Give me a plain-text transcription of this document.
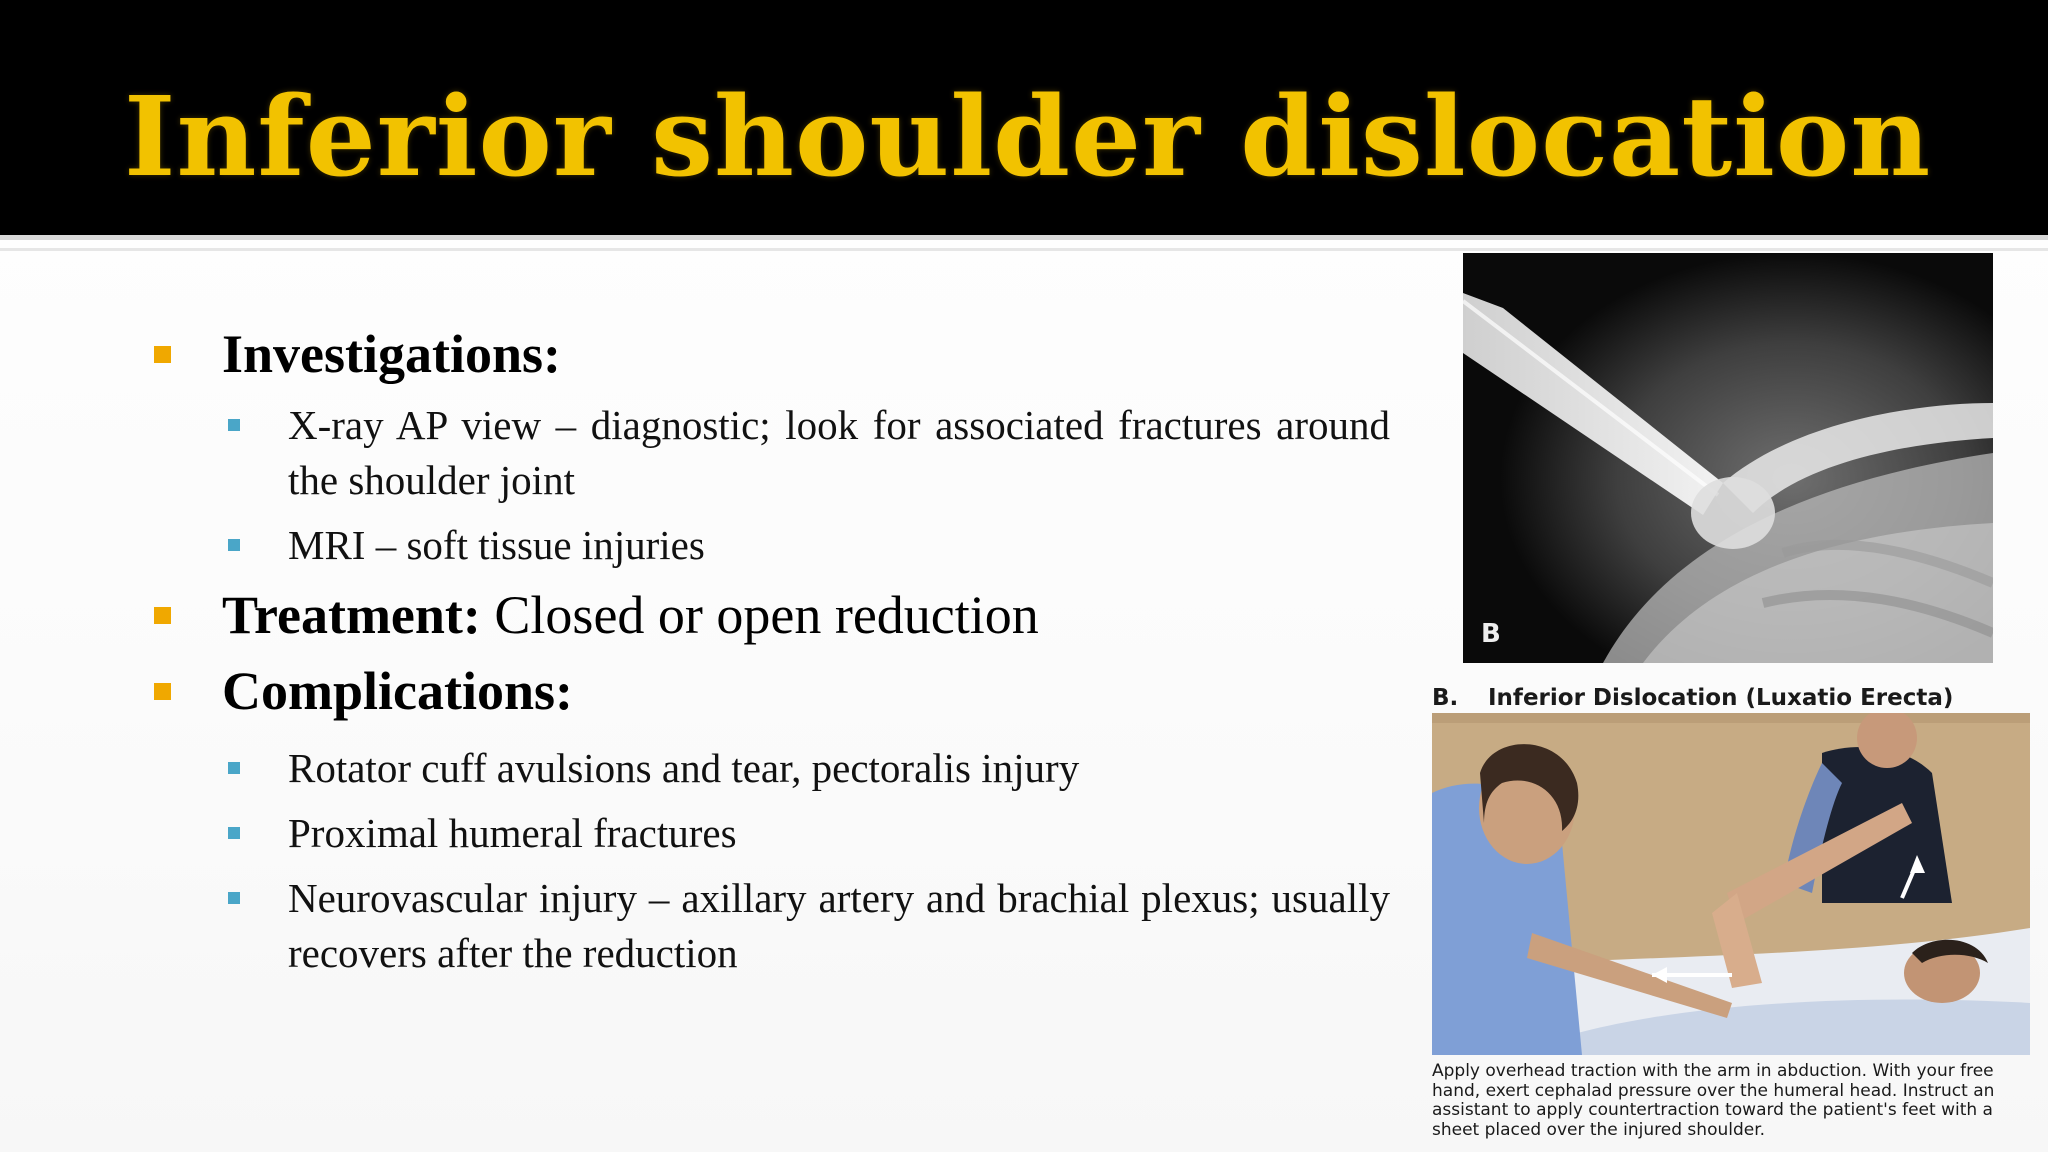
Inferior shoulder dislocation
Investigations:
X-ray AP view – diagnostic; look for associated fractures around the shoulder joint
MRI – soft tissue injuries
Treatment: Closed or open reduction
Complications:
Rotator cuff avulsions and tear, pectoralis injury
Proximal humeral fractures
Neurovascular injury – axillary artery and brachial plexus; usually recovers after the reduction
B
B. Inferior Dislocation (Luxatio Erecta)
Apply overhead traction with the arm in abduction. With your free hand, exert cephalad pressure over the humeral head. Instruct an assistant to apply countertraction toward the patient's feet with a sheet placed over the injured shoulder.
